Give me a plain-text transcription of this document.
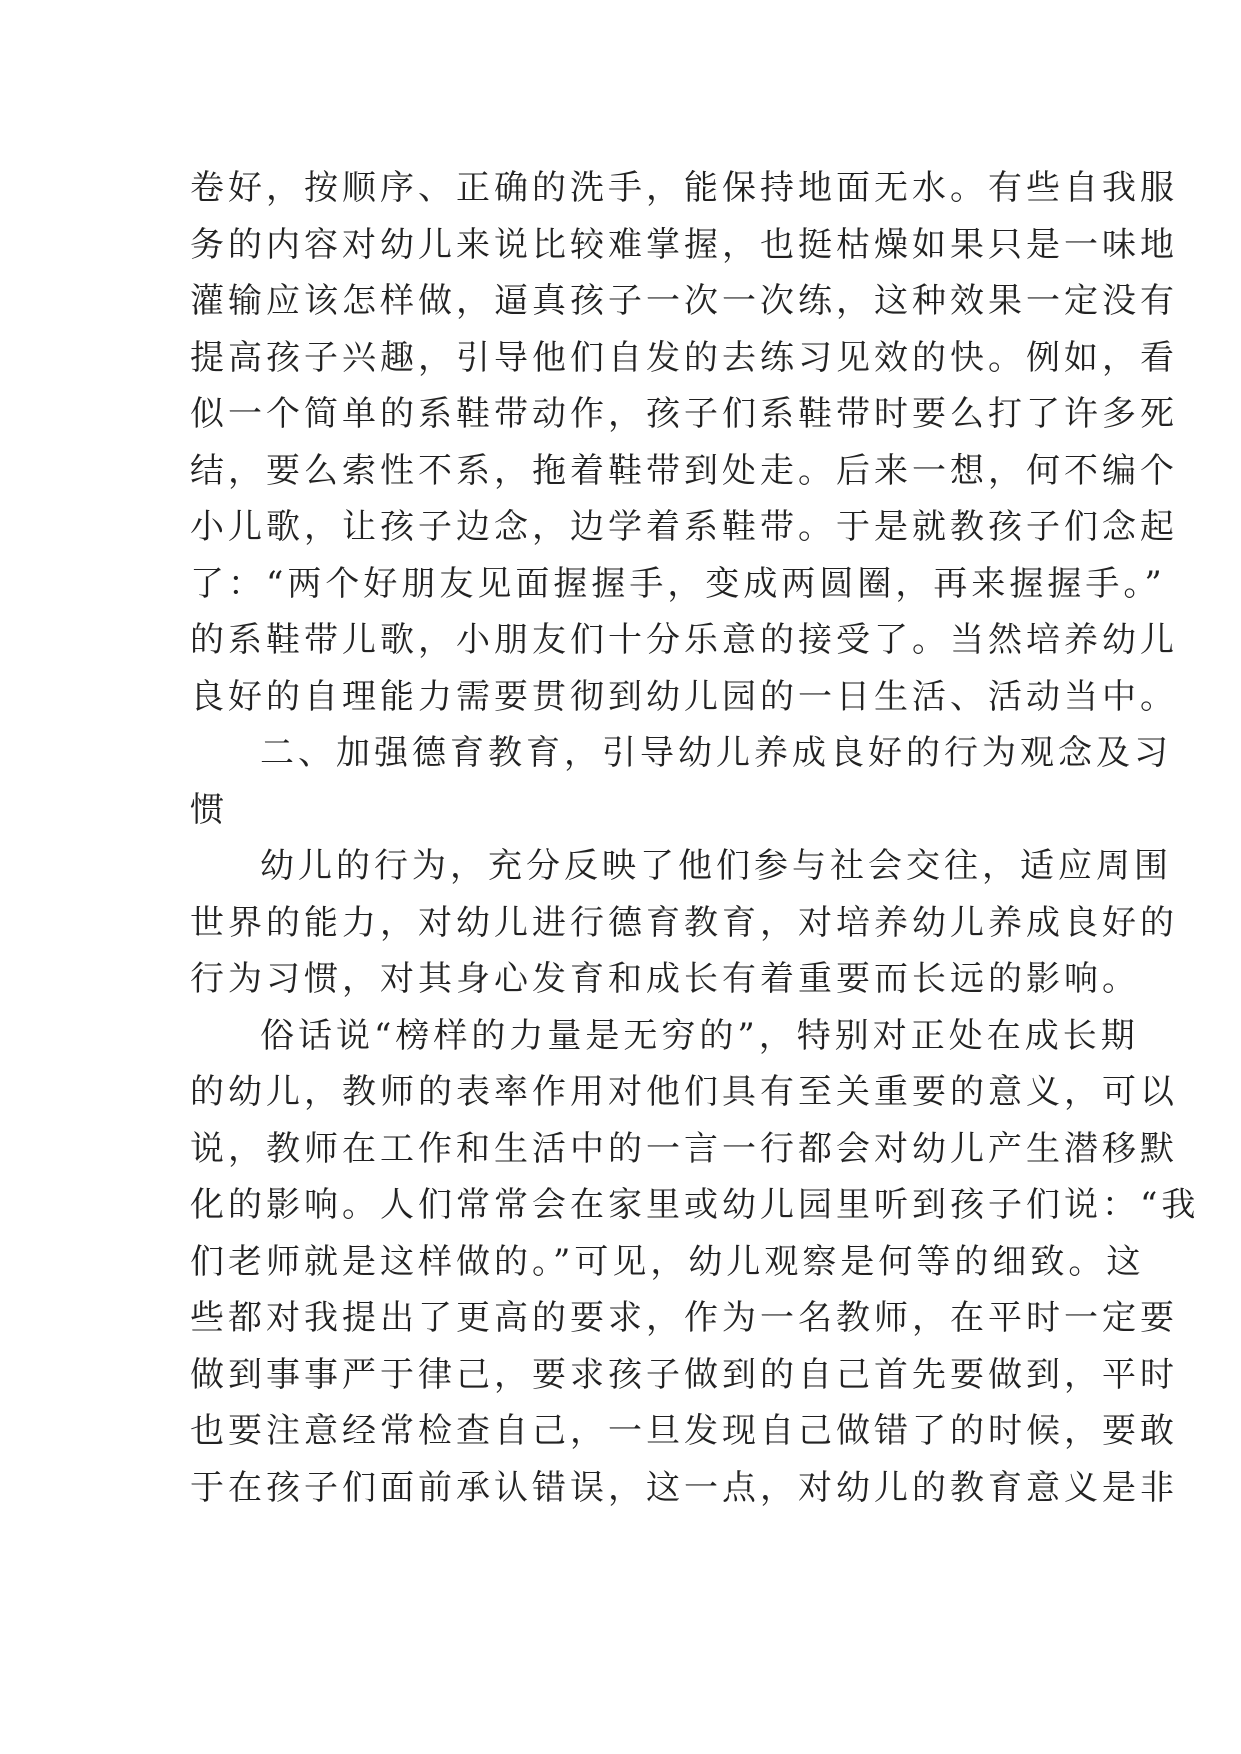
卷好，按顺序、正确的洗手，能保持地面无水。有些自我服
务的内容对幼儿来说比较难掌握，也挺枯燥如果只是一味地
灌输应该怎样做，逼真孩子一次一次练，这种效果一定没有
提高孩子兴趣，引导他们自发的去练习见效的快。例如，看
似一个简单的系鞋带动作，孩子们系鞋带时要么打了许多死
结，要么索性不系，拖着鞋带到处走。后来一想，何不编个
小儿歌，让孩子边念，边学着系鞋带。于是就教孩子们念起
了：“两个好朋友见面握握手，变成两圆圈，再来握握手。”
的系鞋带儿歌，小朋友们十分乐意的接受了。当然培养幼儿
良好的自理能力需要贯彻到幼儿园的一日生活、活动当中。
二、加强德育教育，引导幼儿养成良好的行为观念及习
惯
幼儿的行为，充分反映了他们参与社会交往，适应周围
世界的能力，对幼儿进行德育教育，对培养幼儿养成良好的
行为习惯，对其身心发育和成长有着重要而长远的影响。
俗话说“榜样的力量是无穷的”，特别对正处在成长期
的幼儿，教师的表率作用对他们具有至关重要的意义，可以
说，教师在工作和生活中的一言一行都会对幼儿产生潜移默
化的影响。人们常常会在家里或幼儿园里听到孩子们说：“我
们老师就是这样做的。”可见，幼儿观察是何等的细致。这
些都对我提出了更高的要求，作为一名教师，在平时一定要
做到事事严于律己，要求孩子做到的自己首先要做到，平时
也要注意经常检查自己，一旦发现自己做错了的时候，要敢
于在孩子们面前承认错误，这一点，对幼儿的教育意义是非
